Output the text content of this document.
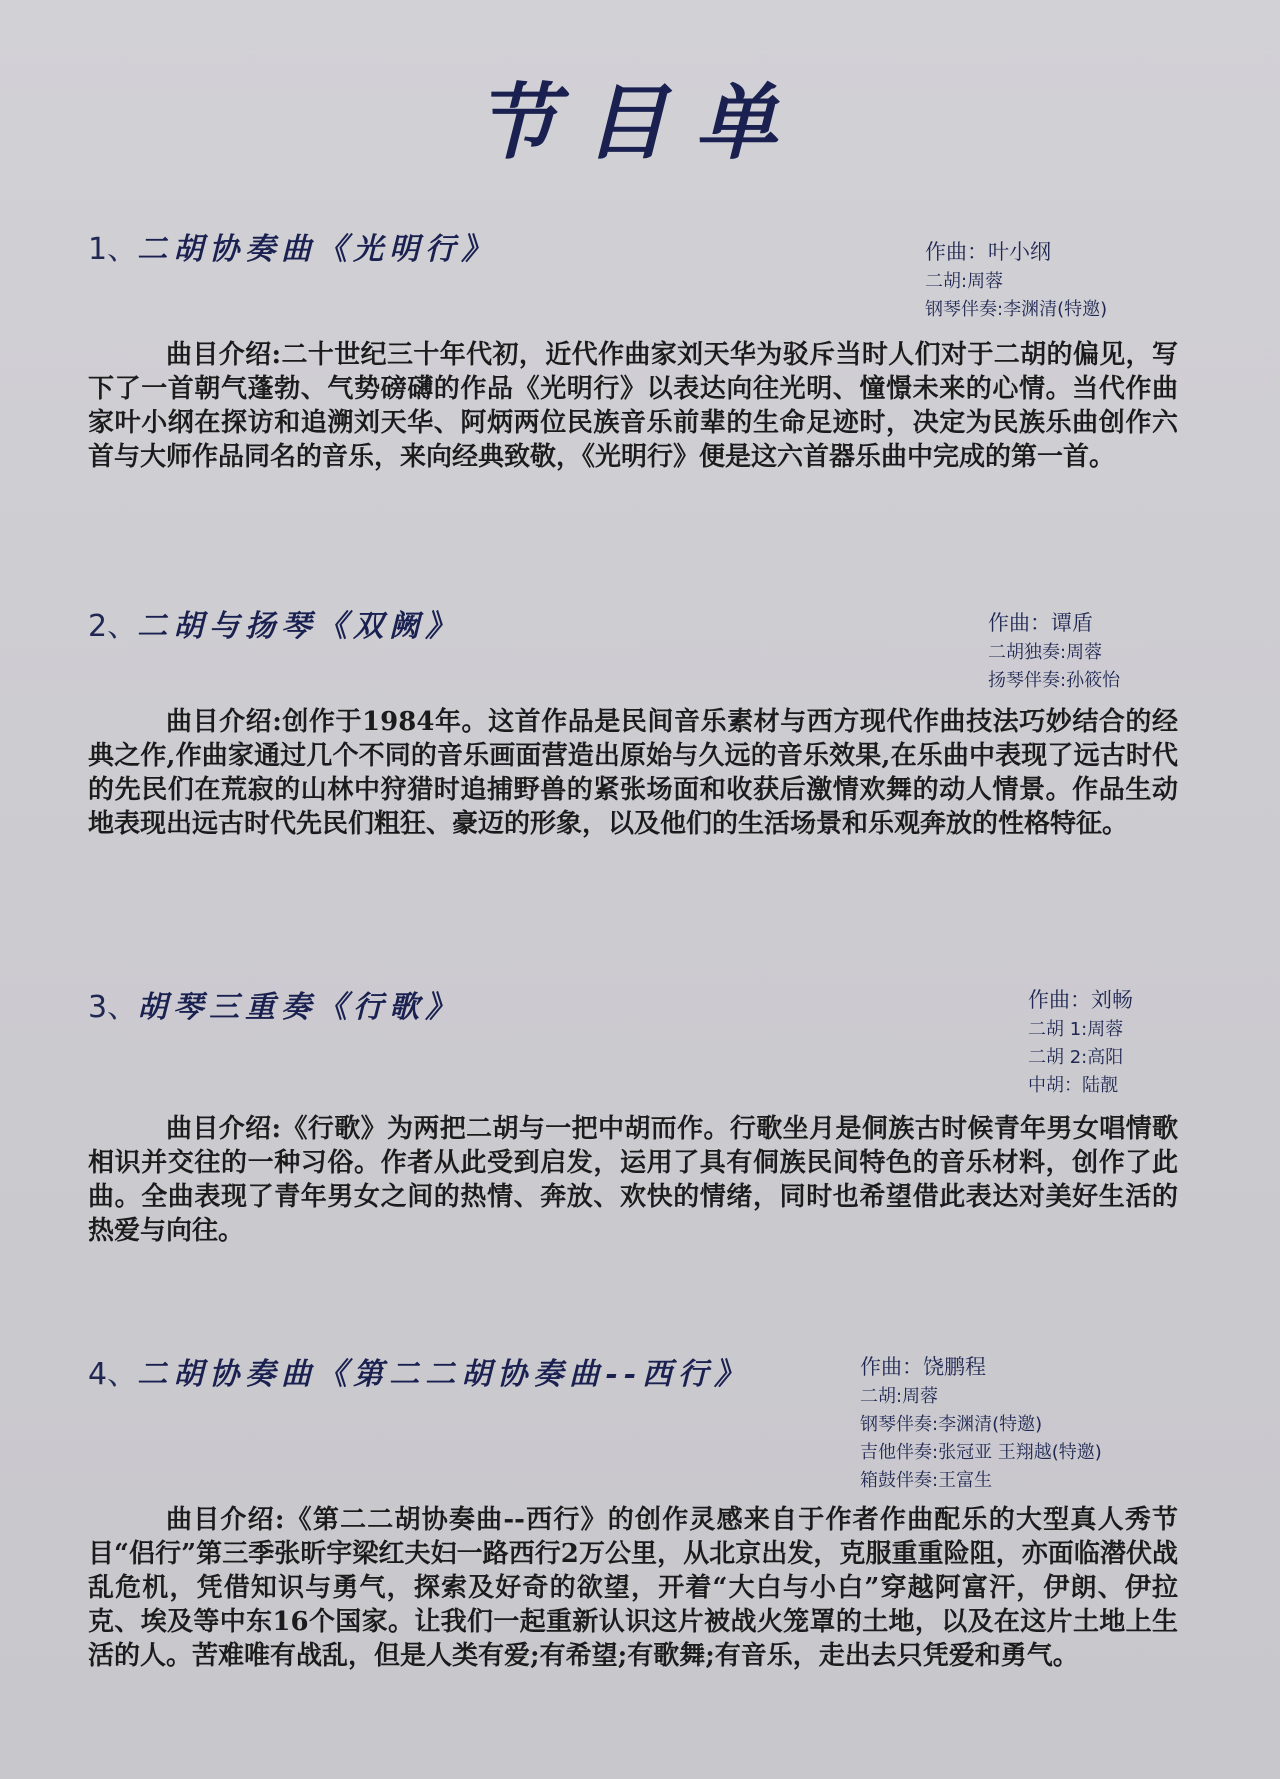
节目单
1、二胡协奏曲《光明行》	作曲：叶小纲
二胡:周蓉
钢琴伴奏:李渊清(特邀)

曲目介绍:二十世纪三十年代初，近代作曲家刘天华为驳斥当时人们对于二胡的偏见，写下了一首朝气蓬勃、气势磅礴的作品《光明行》以表达向往光明、憧憬未来的心情。当代作曲家叶小纲在探访和追溯刘天华、阿炳两位民族音乐前辈的生命足迹时，决定为民族乐曲创作六首与大师作品同名的音乐，来向经典致敬，《光明行》便是这六首器乐曲中完成的第一首。

2、二胡与扬琴《双阙》	作曲：谭盾
二胡独奏:周蓉
扬琴伴奏:孙筱怡

曲目介绍:创作于1984年。这首作品是民间音乐素材与西方现代作曲技法巧妙结合的经典之作,作曲家通过几个不同的音乐画面营造出原始与久远的音乐效果,在乐曲中表现了远古时代的先民们在荒寂的山林中狩猎时追捕野兽的紧张场面和收获后激情欢舞的动人情景。作品生动地表现出远古时代先民们粗狂、豪迈的形象，以及他们的生活场景和乐观奔放的性格特征。

3、胡琴三重奏《行歌》	作曲：刘畅
二胡 1:周蓉
二胡 2:高阳
中胡：陆靓

曲目介绍:《行歌》为两把二胡与一把中胡而作。行歌坐月是侗族古时候青年男女唱情歌相识并交往的一种习俗。作者从此受到启发，运用了具有侗族民间特色的音乐材料，创作了此曲。全曲表现了青年男女之间的热情、奔放、欢快的情绪，同时也希望借此表达对美好生活的热爱与向往。

4、二胡协奏曲《第二二胡协奏曲--西行》	作曲：饶鹏程
二胡:周蓉
钢琴伴奏:李渊清(特邀)
吉他伴奏:张冠亚 王翔越(特邀)
箱鼓伴奏:王富生

曲目介绍:《第二二胡协奏曲--西行》的创作灵感来自于作者作曲配乐的大型真人秀节目“侣行”第三季张昕宇梁红夫妇一路西行2万公里，从北京出发，克服重重险阻，亦面临潜伏战乱危机，凭借知识与勇气，探索及好奇的欲望，开着“大白与小白”穿越阿富汗，伊朗、伊拉克、埃及等中东16个国家。让我们一起重新认识这片被战火笼罩的土地，以及在这片土地上生活的人。苦难唯有战乱，但是人类有爱;有希望;有歌舞;有音乐，走出去只凭爱和勇气。
